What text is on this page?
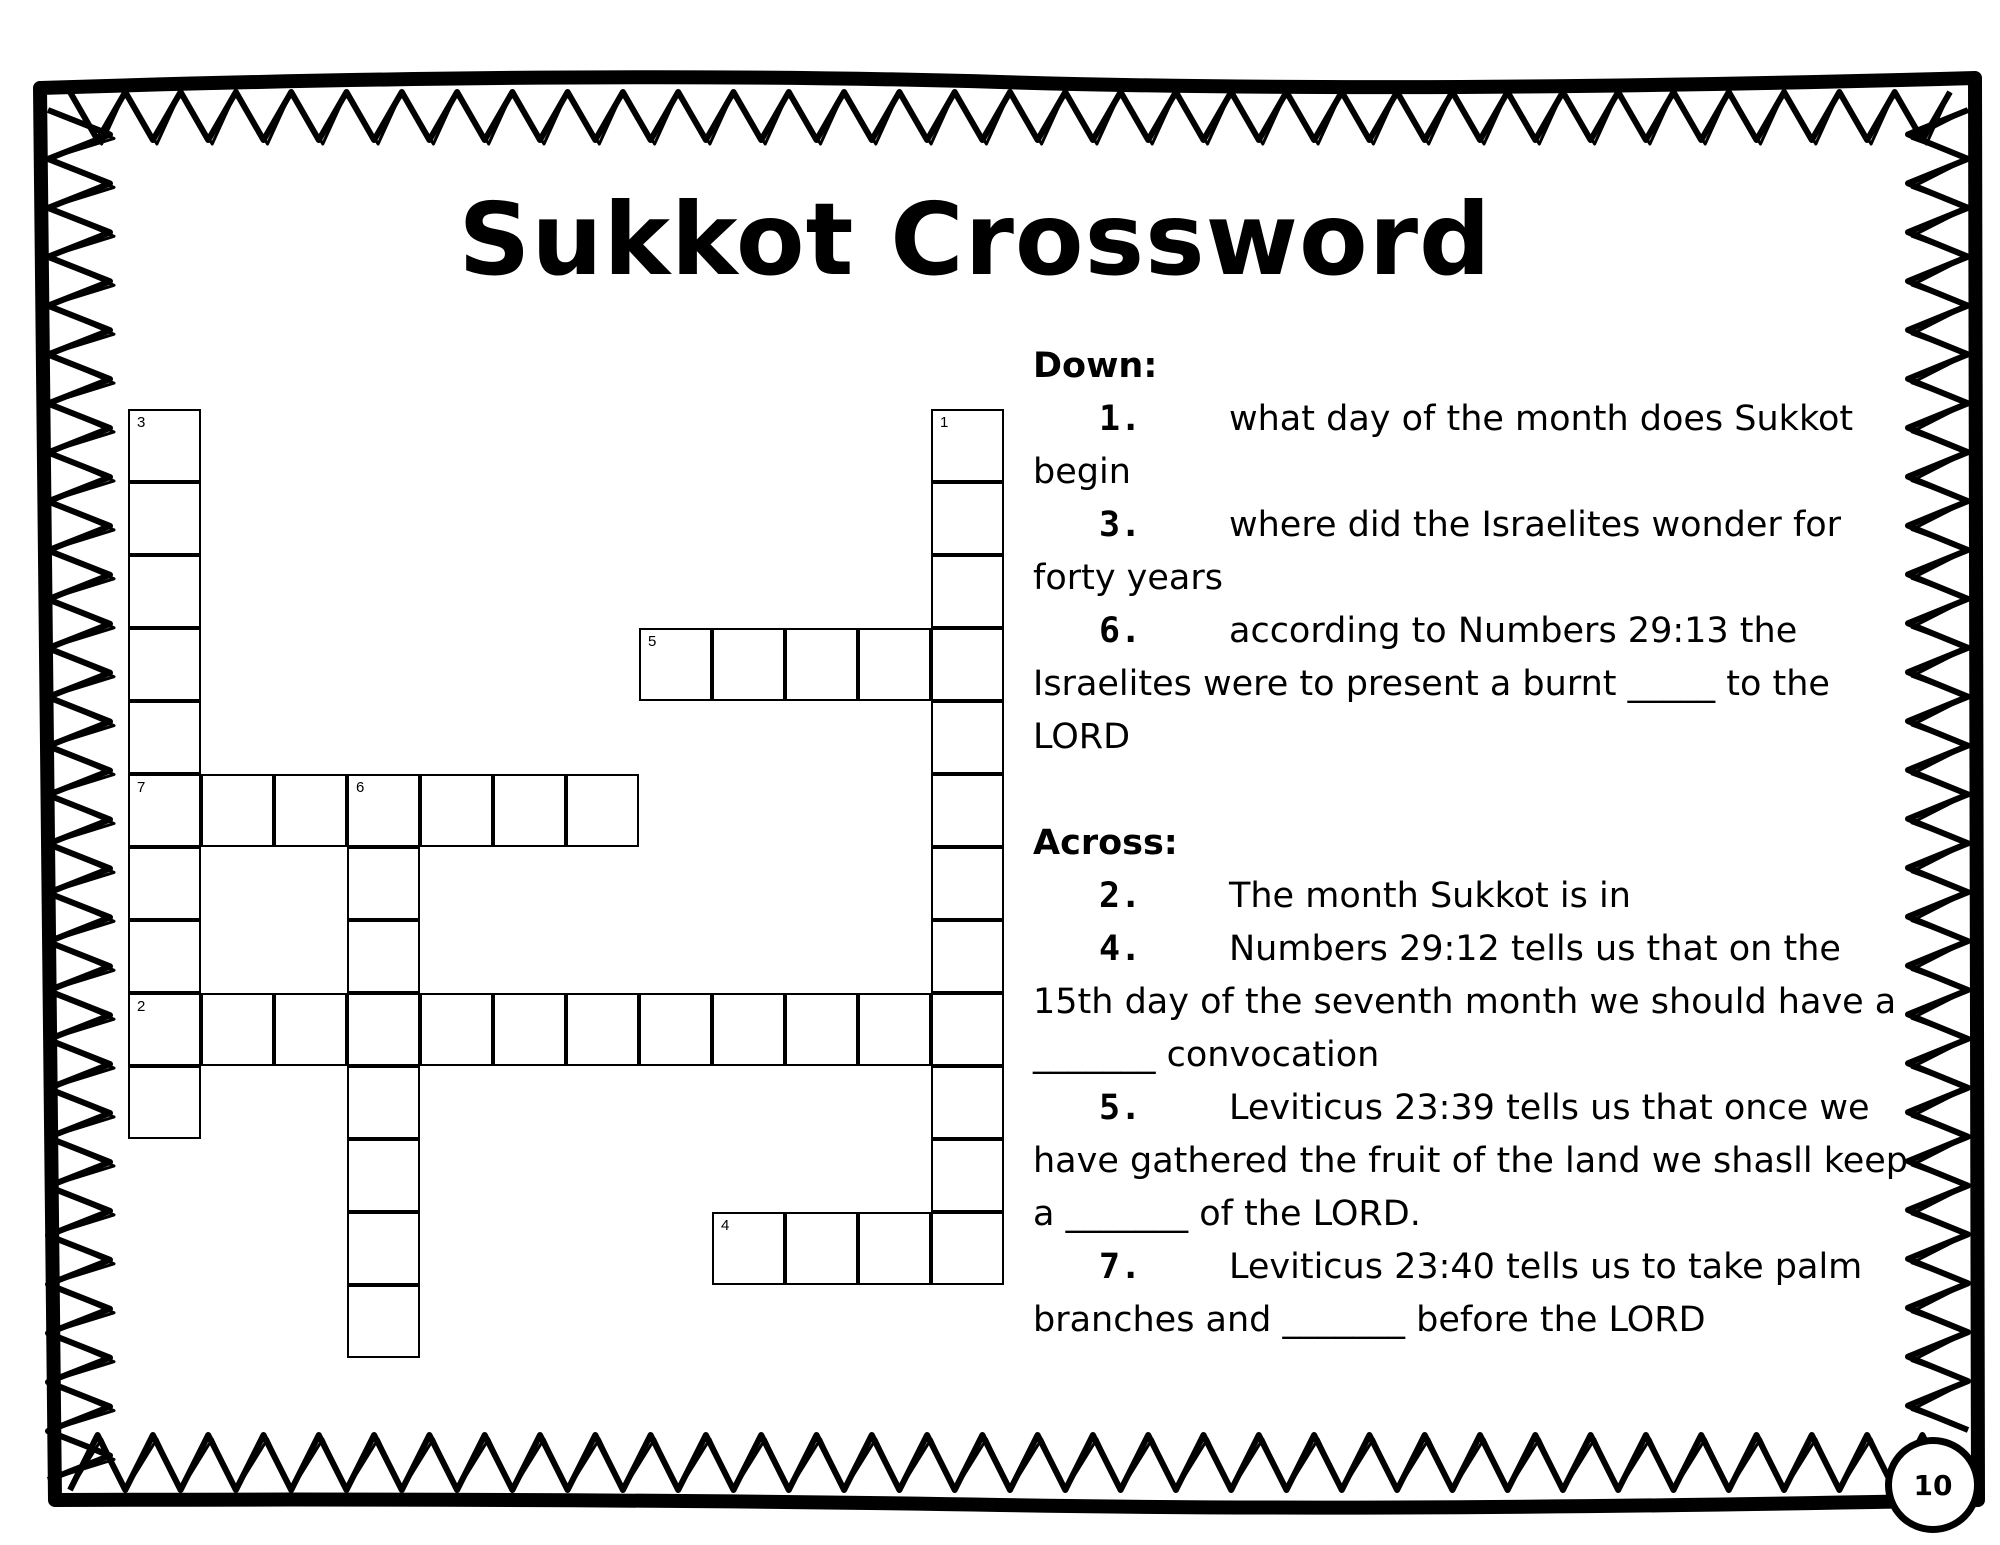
Sukkot Crossword
1
2
3
7
4
5
6
Down:
1.	what day of the month does Sukkot begin
3.	where did the Israelites wonder for forty years
6.	according to Numbers 29:13 the Israelites were to present a burnt _____ to the LORD
Across:
2.	The month Sukkot is in
4.	Numbers 29:12 tells us that on the 15th day of the seventh month we should have a _______ convocation
5.	Leviticus 23:39 tells us that once we have gathered the fruit of the land we shasll keep a _______ of the LORD.
7.	Leviticus 23:40 tells us to take palm branches and _______ before the LORD
10
